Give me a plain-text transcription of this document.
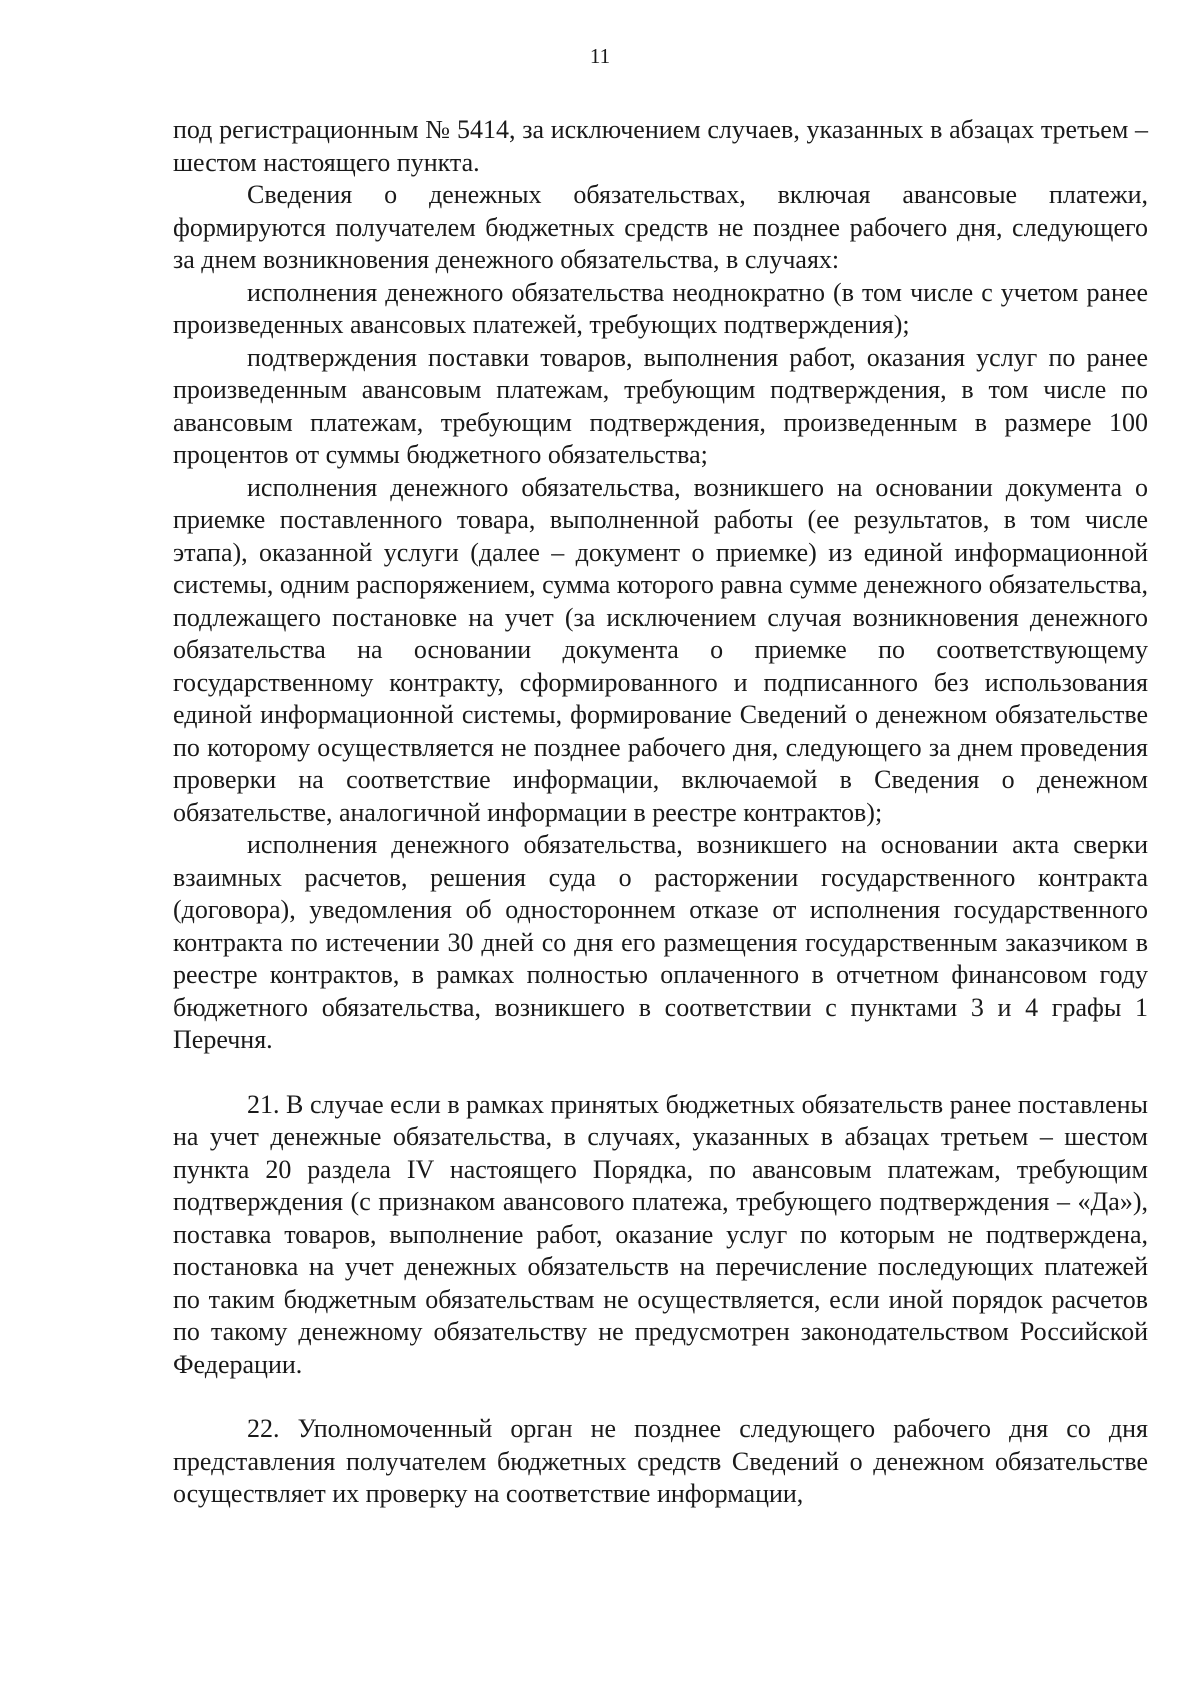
11

под регистрационным № 5414, за исключением случаев, указанных в абзацах третьем – шестом настоящего пункта.

Сведения о денежных обязательствах, включая авансовые платежи, формируются получателем бюджетных средств не позднее рабочего дня, следующего за днем возникновения денежного обязательства, в случаях:

исполнения денежного обязательства неоднократно (в том числе с учетом ранее произведенных авансовых платежей, требующих подтверждения);

подтверждения поставки товаров, выполнения работ, оказания услуг по ранее произведенным авансовым платежам, требующим подтверждения, в том числе по авансовым платежам, требующим подтверждения, произведенным в размере 100 процентов от суммы бюджетного обязательства;

исполнения денежного обязательства, возникшего на основании документа о приемке поставленного товара, выполненной работы (ее результатов, в том числе этапа), оказанной услуги (далее – документ о приемке) из единой информационной системы, одним распоряжением, сумма которого равна сумме денежного обязательства, подлежащего постановке на учет (за исключением случая возникновения денежного обязательства на основании документа о приемке по соответствующему государственному контракту, сформированного и подписанного без использования единой информационной системы, формирование Сведений о денежном обязательстве по которому осуществляется не позднее рабочего дня, следующего за днем проведения проверки на соответствие информации, включаемой в Сведения о денежном обязательстве, аналогичной информации в реестре контрактов);

исполнения денежного обязательства, возникшего на основании акта сверки взаимных расчетов, решения суда о расторжении государственного контракта (договора), уведомления об одностороннем отказе от исполнения государственного контракта по истечении 30 дней со дня его размещения государственным заказчиком в реестре контрактов, в рамках полностью оплаченного в отчетном финансовом году бюджетного обязательства, возникшего в соответствии с пунктами 3 и 4 графы 1 Перечня.

21. В случае если в рамках принятых бюджетных обязательств ранее поставлены на учет денежные обязательства, в случаях, указанных в абзацах третьем – шестом пункта 20 раздела IV настоящего Порядка, по авансовым платежам, требующим подтверждения (с признаком авансового платежа, требующего подтверждения – «Да»), поставка товаров, выполнение работ, оказание услуг по которым не подтверждена, постановка на учет денежных обязательств на перечисление последующих платежей по таким бюджетным обязательствам не осуществляется, если иной порядок расчетов по такому денежному обязательству не предусмотрен законодательством Российской Федерации.

22. Уполномоченный орган не позднее следующего рабочего дня со дня представления получателем бюджетных средств Сведений о денежном обязательстве осуществляет их проверку на соответствие информации,
